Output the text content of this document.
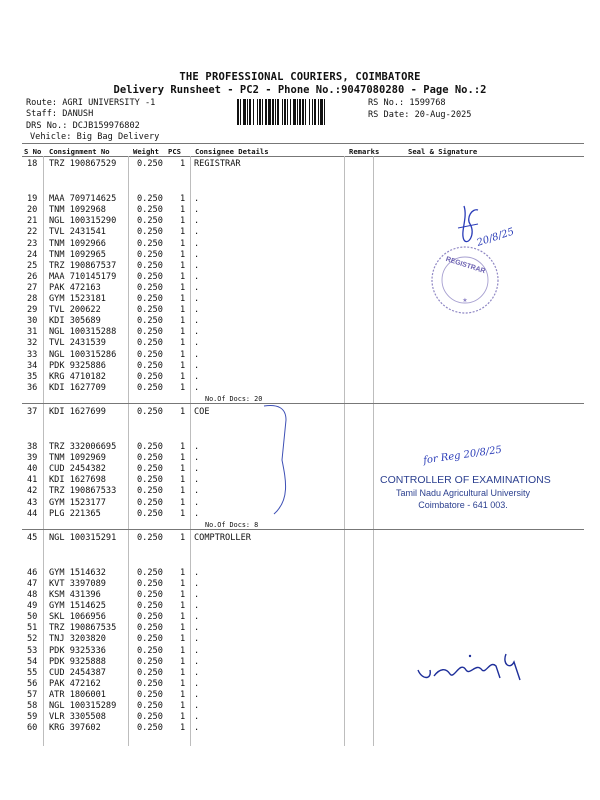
THE PROFESSIONAL COURIERS, COIMBATORE
Delivery Runsheet - PC2 - Phone No.:9047080280 - Page No.:2
Route: AGRI UNIVERSITY -1
Staff: DANUSH
DRS No.: DCJB159976802
Vehicle: Big Bag Delivery
RS No.: 1599768
RS Date: 20-Aug-2025
S No Consignment No	Weight PCS Consignee Details	Remarks	Seal & Signature
18 TRZ 190867529 0.250 1 REGISTRAR
19 MAA 709714625 0.250 1 .
20 TNM 1092968	0.250 1 .
21 NGL 100315290 0.250 1 .
22 TVL 2431541	0.250 1 .
23 TNM 1092966	0.250 1 .
24 TNM 1092965	0.250 1 .
25 TRZ 190867537 0.250 1 .
26 MAA 710145179 0.250 1 .
27 PAK 472163	0.250 1 .
28 GYM 1523181	0.250 1 .
29 TVL 200622	0.250 1 .
30 KDI 305689	0.250 1 .
31 NGL 100315288 0.250 1 .
32 TVL 2431539	0.250 1 .
33 NGL 100315286 0.250 1 .
34 PDK 9325886	0.250 1 .
35 KRG 4710182	0.250 1 .
36 KDI 1627709	0.250 1 .
No.Of Docs: 20
37 KDI 1627699	0.250 1 COE
38 TRZ 332006695 0.250 1 .
39 TNM 1092969	0.250 1 .
40 CUD 2454382	0.250 1 .
41 KDI 1627698	0.250 1 .
42 TRZ 190867533 0.250 1 .
43 GYM 1523177	0.250 1 .
44 PLG 221365	0.250 1 .
No.Of Docs: 8
45 NGL 100315291 0.250 1 COMPTROLLER
46 GYM 1514632	0.250 1 .
47 KVT 3397089	0.250 1 .
48 KSM 431396	0.250 1 .
49 GYM 1514625	0.250 1 .
50 SKL 1066956	0.250 1 .
51 TRZ 190867535 0.250 1 .
52 TNJ 3203820	0.250 1 .
53 PDK 9325336	0.250 1 .
54 PDK 9325888	0.250 1 .
55 CUD 2454387	0.250 1 .
56 PAK 472162	0.250 1 .
57 ATR 1806001	0.250 1 .
58 NGL 100315289 0.250 1 .
59 VLR 3305508	0.250 1 .
60 KRG 397602	0.250 1 .
REGISTRAR
★
20/8/25
for Reg 20/8/25
CONTROLLER OF EXAMINATIONS
Tamil Nadu Agricultural University
Coimbatore - 641 003.
